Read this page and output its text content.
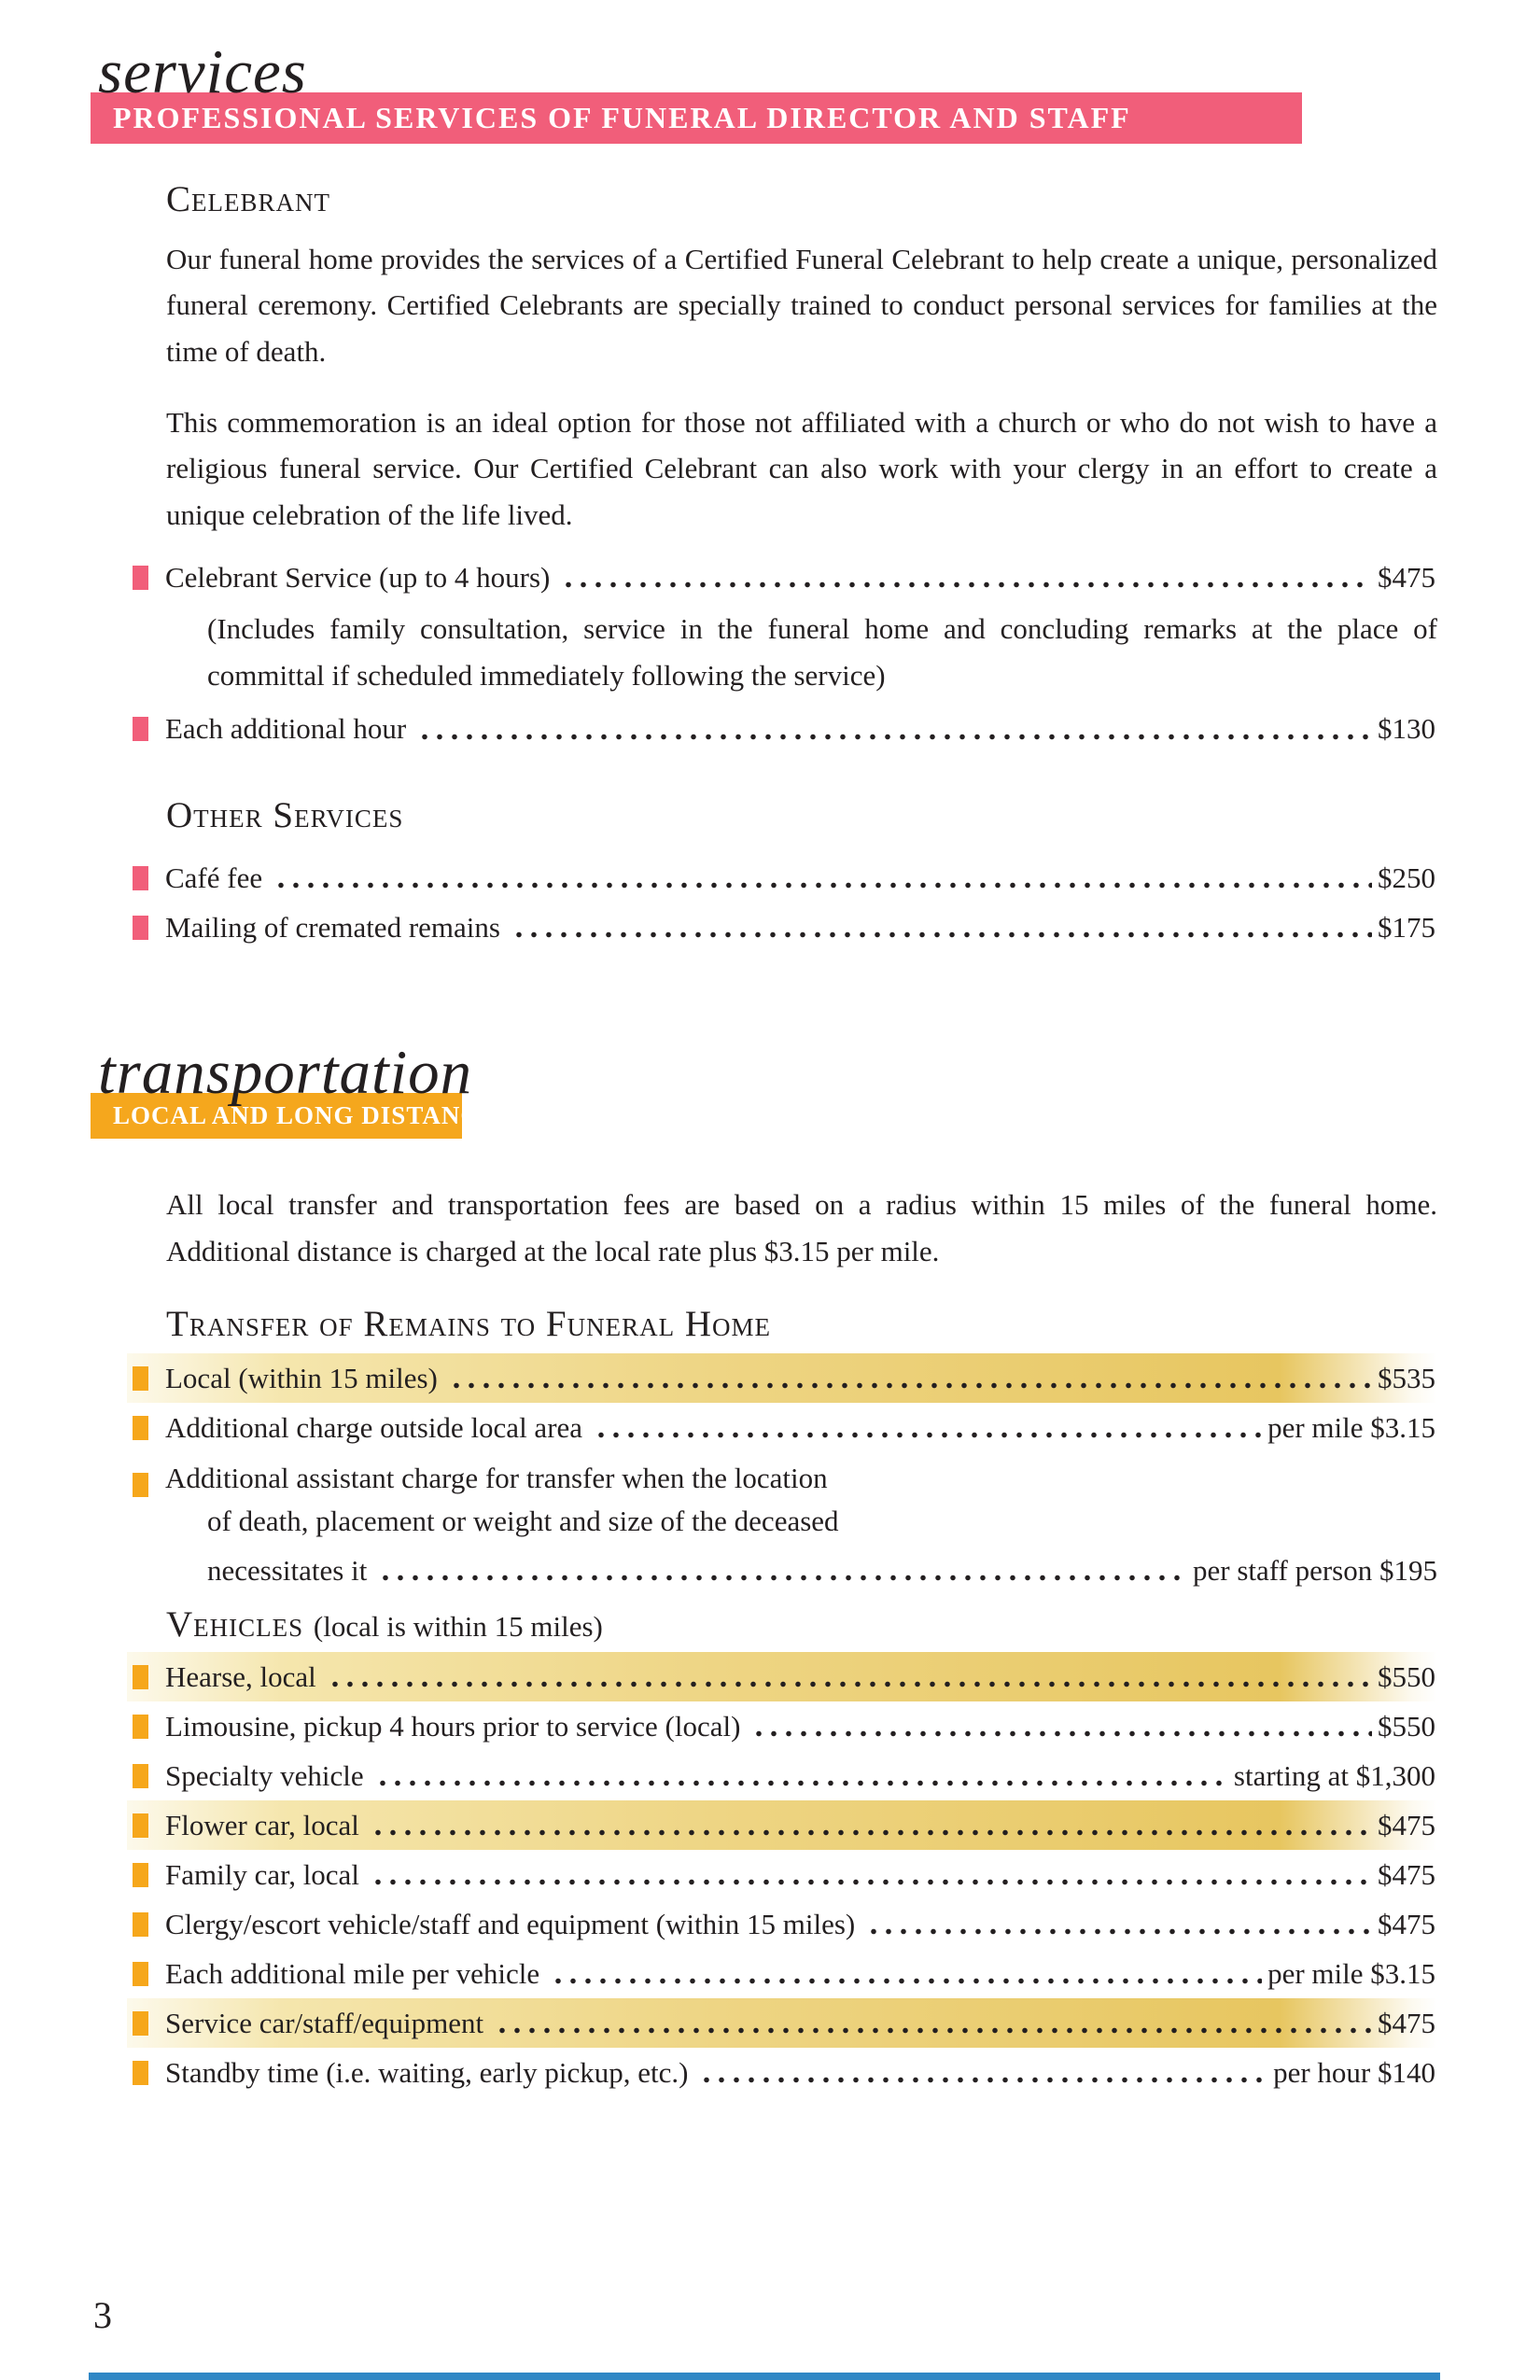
services
PROFESSIONAL SERVICES OF FUNERAL DIRECTOR AND STAFF
Celebrant

Our funeral home provides the services of a Certified Funeral Celebrant to help create a unique, personalized funeral ceremony. Certified Celebrants are specially trained to conduct personal services for families at the time of death.

This commemoration is an ideal option for those not affiliated with a church or who do not wish to have a religious funeral service. Our Certified Celebrant can also work with your clergy in an effort to create a unique celebration of the life lived.

Celebrant Service (up to 4 hours)	$475
(Includes family consultation, service in the funeral home and concluding remarks at the place of committal if scheduled immediately following the service)
Each additional hour	$130
Other Services
Café fee	$250
Mailing of cremated remains	$175
transportation
LOCAL AND LONG DISTANCES

All local transfer and transportation fees are based on a radius within 15 miles of the funeral home. Additional distance is charged at the local rate plus $3.15 per mile.

Transfer of Remains to Funeral Home
Local (within 15 miles)	$535
Additional charge outside local area	per mile $3.15
Additional assistant charge for transfer when the location
of death, placement or weight and size of the deceased
necessitates it	per staff person $195
Vehicles (local is within 15 miles)
Hearse, local	$550
Limousine, pickup 4 hours prior to service (local)	$550
Specialty vehicle	starting at $1,300
Flower car, local	$475
Family car, local	$475
Clergy/escort vehicle/staff and equipment (within 15 miles)	$475
Each additional mile per vehicle	per mile $3.15
Service car/staff/equipment	$475
Standby time (i.e. waiting, early pickup, etc.)	per hour $140
3
